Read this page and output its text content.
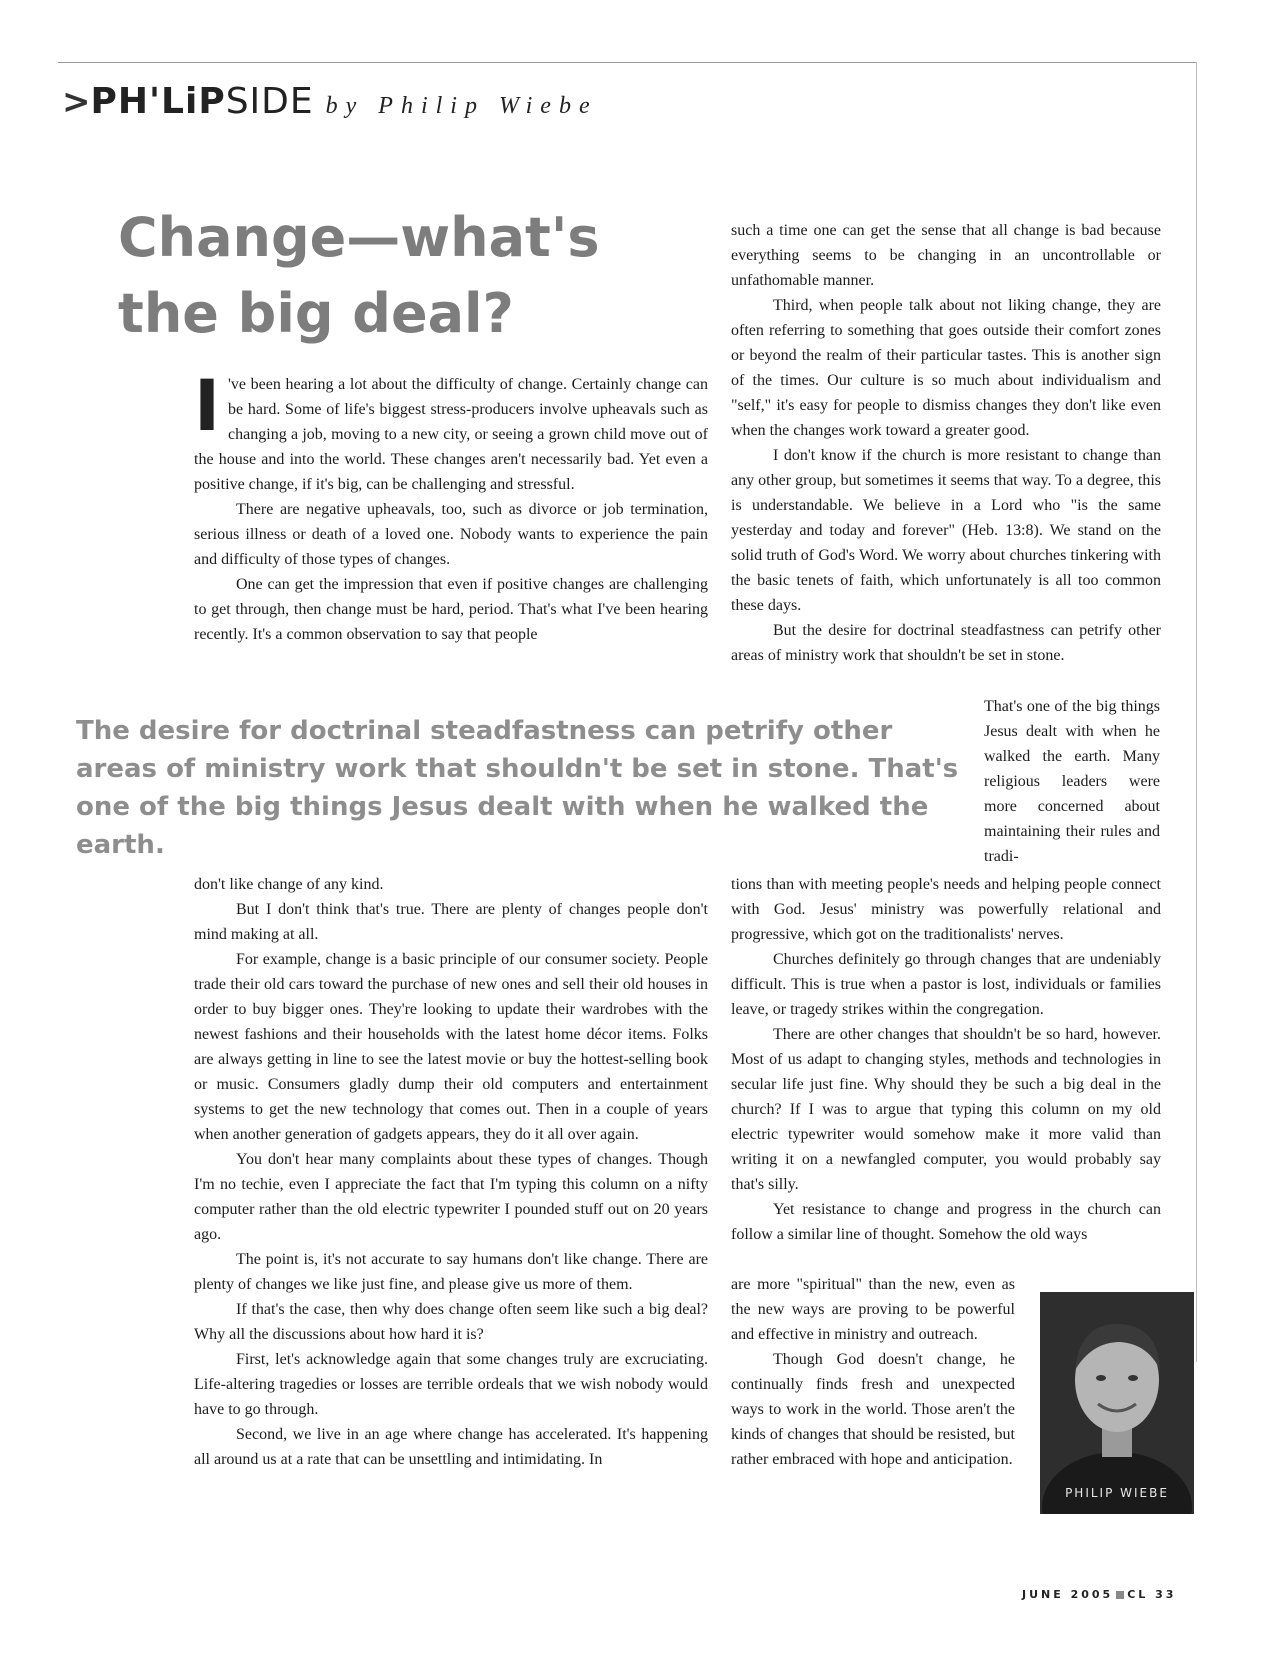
>PH'LiPSIDE by Philip Wiebe
Change—what's the big deal?

I 've been hearing a lot about the difficulty of change. Certainly change can be hard. Some of life's biggest stress-producers involve upheavals such as changing a job, moving to a new city, or seeing a grown child move out of the house and into the world. These changes aren't necessarily bad. Yet even a positive change, if it's big, can be challenging and stressful.

There are negative upheavals, too, such as divorce or job termination, serious illness or death of a loved one. Nobody wants to experience the pain and difficulty of those types of changes.

One can get the impression that even if positive changes are challenging to get through, then change must be hard, period. That's what I've been hearing recently. It's a common observation to say that people

The desire for doctrinal steadfastness can petrify other areas of ministry work that shouldn't be set in stone. That's one of the big things Jesus dealt with when he walked the earth.

don't like change of any kind.

But I don't think that's true. There are plenty of changes people don't mind making at all.

For example, change is a basic principle of our consumer society. People trade their old cars toward the purchase of new ones and sell their old houses in order to buy bigger ones. They're looking to update their wardrobes with the newest fashions and their households with the latest home décor items. Folks are always getting in line to see the latest movie or buy the hottest-selling book or music. Consumers gladly dump their old computers and entertainment systems to get the new technology that comes out. Then in a couple of years when another generation of gadgets appears, they do it all over again.

You don't hear many complaints about these types of changes. Though I'm no techie, even I appreciate the fact that I'm typing this column on a nifty computer rather than the old electric typewriter I pounded stuff out on 20 years ago.

The point is, it's not accurate to say humans don't like change. There are plenty of changes we like just fine, and please give us more of them.

If that's the case, then why does change often seem like such a big deal? Why all the discussions about how hard it is?

First, let's acknowledge again that some changes truly are excruciating. Life-altering tragedies or losses are terrible ordeals that we wish nobody would have to go through.

Second, we live in an age where change has accelerated. It's happening all around us at a rate that can be unsettling and intimidating. In

such a time one can get the sense that all change is bad because everything seems to be changing in an uncontrollable or unfathomable manner.

Third, when people talk about not liking change, they are often referring to something that goes outside their comfort zones or beyond the realm of their particular tastes. This is another sign of the times. Our culture is so much about individualism and "self," it's easy for people to dismiss changes they don't like even when the changes work toward a greater good.

I don't know if the church is more resistant to change than any other group, but sometimes it seems that way. To a degree, this is understandable. We believe in a Lord who "is the same yesterday and today and forever" (Heb. 13:8). We stand on the solid truth of God's Word. We worry about churches tinkering with the basic tenets of faith, which unfortunately is all too common these days.

But the desire for doctrinal steadfastness can petrify other areas of ministry work that shouldn't be set in stone.

That's one of the big things Jesus dealt with when he walked the earth. Many religious leaders were more concerned about maintaining their rules and tradi-

tions than with meeting people's needs and helping people connect with God. Jesus' ministry was powerfully relational and progressive, which got on the traditionalists' nerves.

Churches definitely go through changes that are undeniably difficult. This is true when a pastor is lost, individuals or families leave, or tragedy strikes within the congregation.

There are other changes that shouldn't be so hard, however. Most of us adapt to changing styles, methods and technologies in secular life just fine. Why should they be such a big deal in the church? If I was to argue that typing this column on my old electric typewriter would somehow make it more valid than writing it on a newfangled computer, you would probably say that's silly.

Yet resistance to change and progress in the church can follow a similar line of thought. Somehow the old ways

are more "spiritual" than the new, even as the new ways are proving to be powerful and effective in ministry and outreach.

Though God doesn't change, he continually finds fresh and unexpected ways to work in the world. Those aren't the kinds of changes that should be resisted, but rather embraced with hope and anticipation.

PHILIP WIEBE
JUNE 2005 CL 33
